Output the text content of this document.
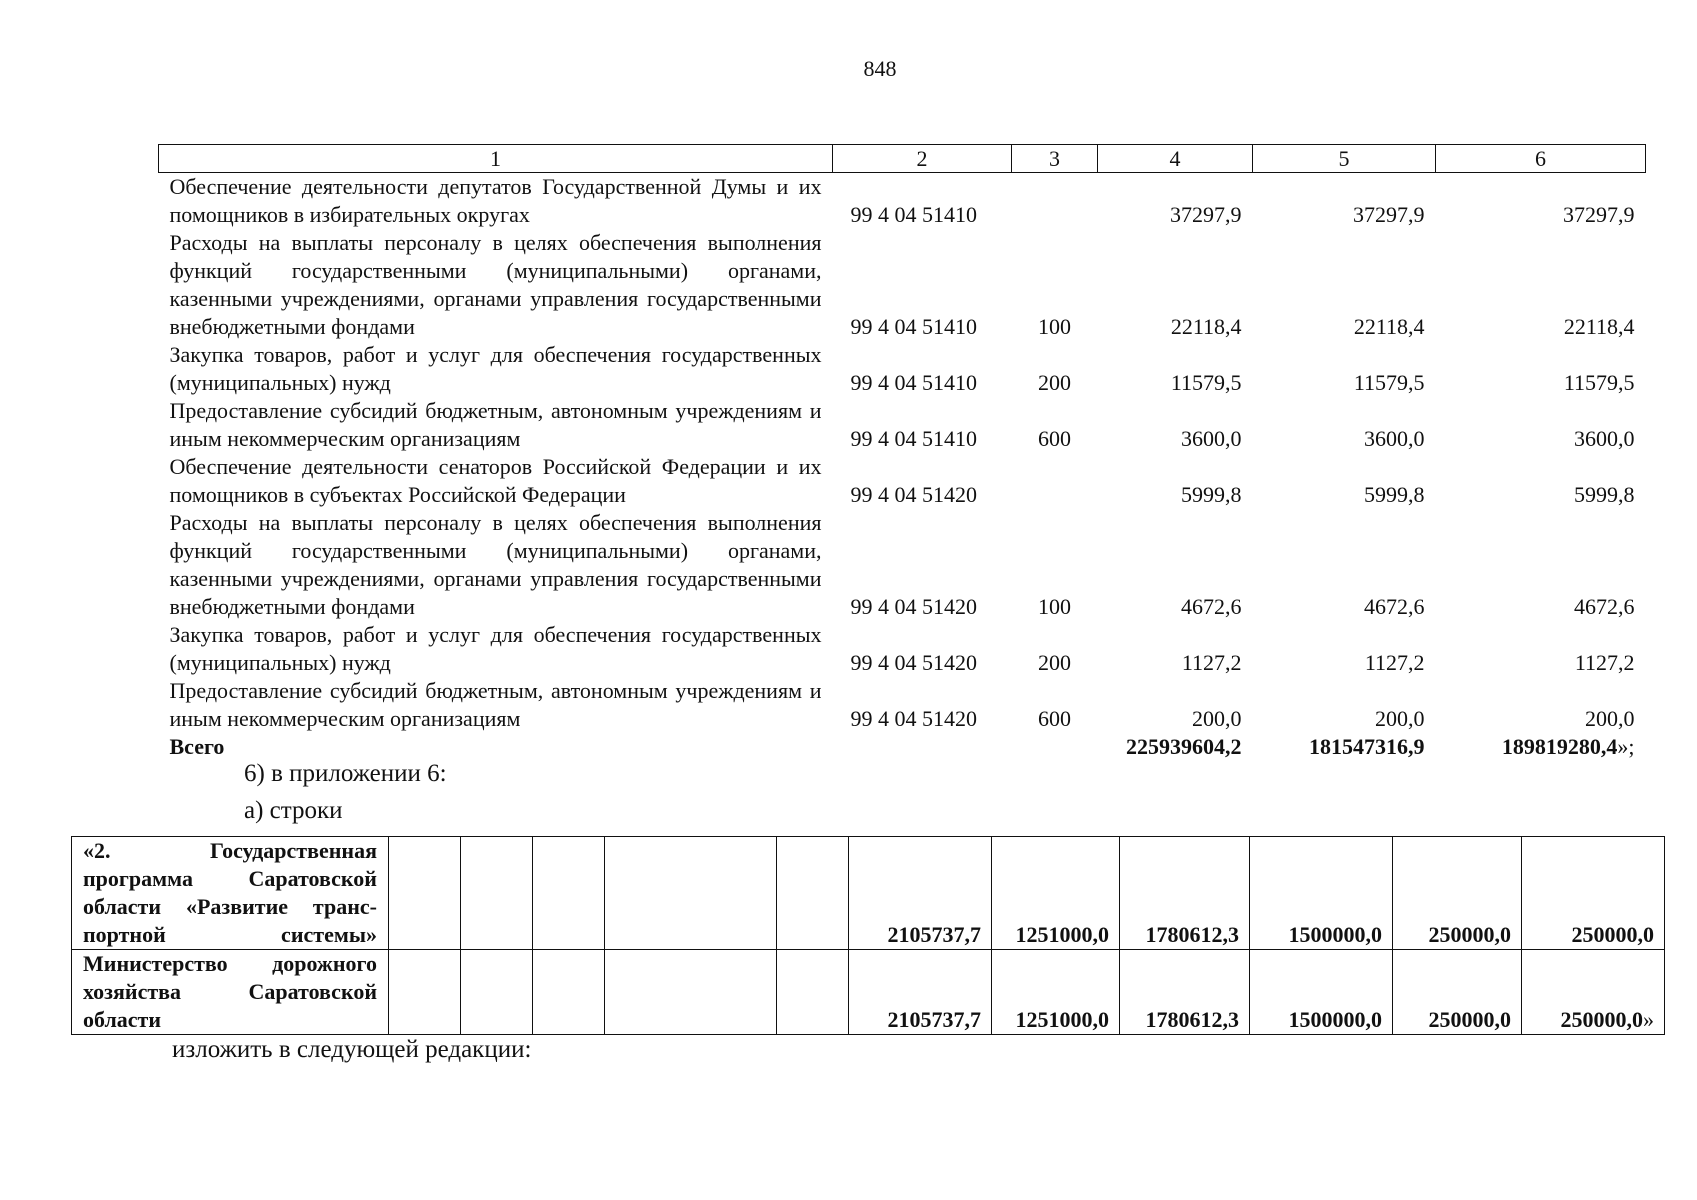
848
1	2	3	4	5	6
Обеспечение деятельности депутатов Государственной Думы и их помощников в избирательных округах	99 4 04 51410		37297,9	37297,9	37297,9
Расходы на выплаты персоналу в целях обеспечения выполнения функций государственными (муниципальными) органами, казенными учреждениями, органами управления государственными внебюджетными фондами	99 4 04 51410	100	22118,4	22118,4	22118,4
Закупка товаров, работ и услуг для обеспечения государственных (муниципальных) нужд	99 4 04 51410	200	11579,5	11579,5	11579,5
Предоставление субсидий бюджетным, автономным учреждениям и иным некоммерческим организациям	99 4 04 51410	600	3600,0	3600,0	3600,0
Обеспечение деятельности сенаторов Российской Федерации и их помощников в субъектах Российской Федерации	99 4 04 51420		5999,8	5999,8	5999,8
Расходы на выплаты персоналу в целях обеспечения выполнения функций государственными (муниципальными) органами, казенными учреждениями, органами управления государственными внебюджетными фондами	99 4 04 51420	100	4672,6	4672,6	4672,6
Закупка товаров, работ и услуг для обеспечения государственных (муниципальных) нужд	99 4 04 51420	200	1127,2	1127,2	1127,2
Предоставление субсидий бюджетным, автономным учреждениям и иным некоммерческим организациям	99 4 04 51420	600	200,0	200,0	200,0
Всего			225939604,2	181547316,9	189819280,4»;
6) в приложении 6:
а) строки
«2. Государственная программа Саратовской области «Развитие транс-
портной системы»						2105737,7	1251000,0	1780612,3	1500000,0	250000,0	250000,0
Министерство дорожного хозяйства Саратовской
области						2105737,7	1251000,0	1780612,3	1500000,0	250000,0	250000,0»
изложить в следующей редакции:
